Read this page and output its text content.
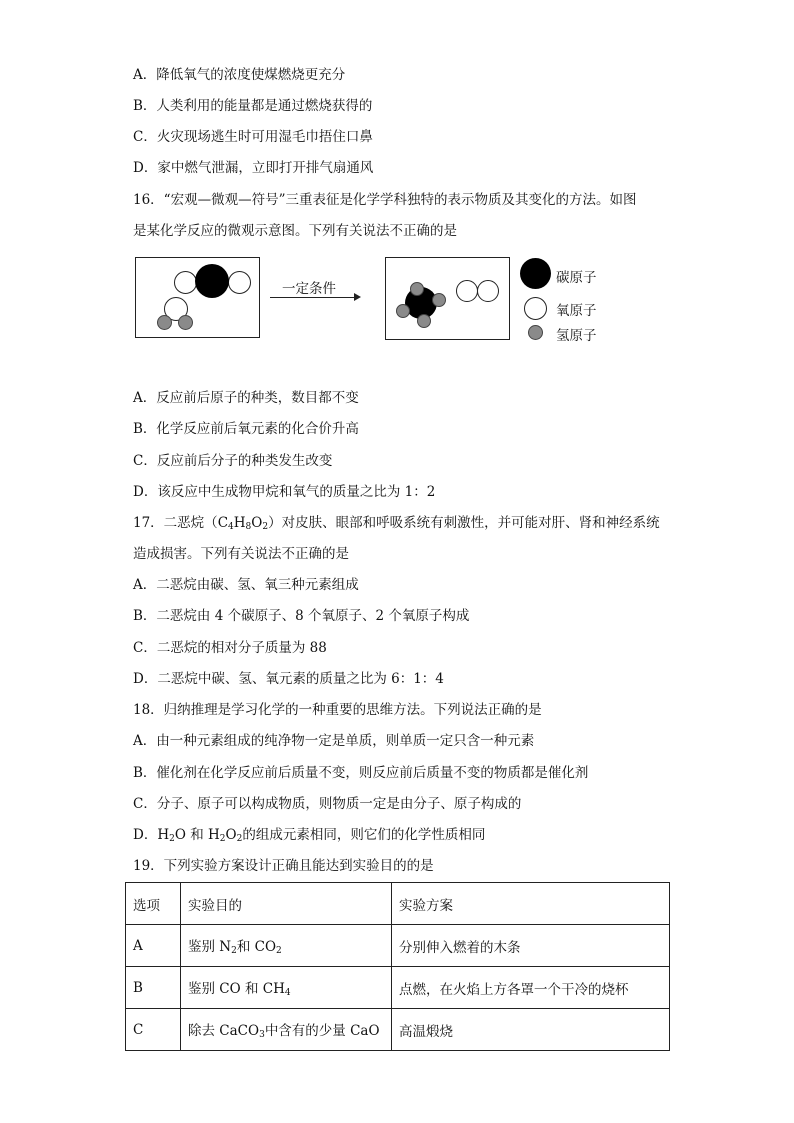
A．降低氧气的浓度使煤燃烧更充分
B．人类利用的能量都是通过燃烧获得的
C．火灾现场逃生时可用湿毛巾捂住口鼻
D．家中燃气泄漏，立即打开排气扇通风
16．“宏观—微观—符号”三重表征是化学学科独特的表示物质及其变化的方法。如图
是某化学反应的微观示意图。下列有关说法不正确的是
一定条件
碳原子
氧原子
氢原子
A．反应前后原子的种类，数目都不变
B．化学反应前后氧元素的化合价升高
C．反应前后分子的种类发生改变
D．该反应中生成物甲烷和氧气的质量之比为 1：2
17．二恶烷$(C_4H_8O_2)$对皮肤、眼部和呼吸系统有刺激性，并可能对肝、肾和神经系统
造成损害。下列有关说法不正确的是
A．二恶烷由碳、氢、氧三种元素组成
B．二恶烷由 4 个碳原子、8 个氧原子、2 个氧原子构成
C．二恶烷的相对分子质量为 88
D．二恶烷中碳、氢、氧元素的质量之比为 6：1：4
18．归纳推理是学习化学的一种重要的思维方法。下列说法正确的是
A．由一种元素组成的纯净物一定是单质，则单质一定只含一种元素
B．催化剂在化学反应前后质量不变，则反应前后质量不变的物质都是催化剂
C．分子、原子可以构成物质，则物质一定是由分子、原子构成的
D．$H_2O$ 和 $H_2O_2$的组成元素相同，则它们的化学性质相同
19．下列实验方案设计正确且能达到实验目的的是
选项	实验目的	实验方案
A	鉴别 $N_2$和 $CO_2$	分别伸入燃着的木条
B	鉴别 CO 和 $CH_4$	点燃，在火焰上方各罩一个干冷的烧杯
C	除去 CaCO$_3$中含有的少量 CaO	高温煅烧
